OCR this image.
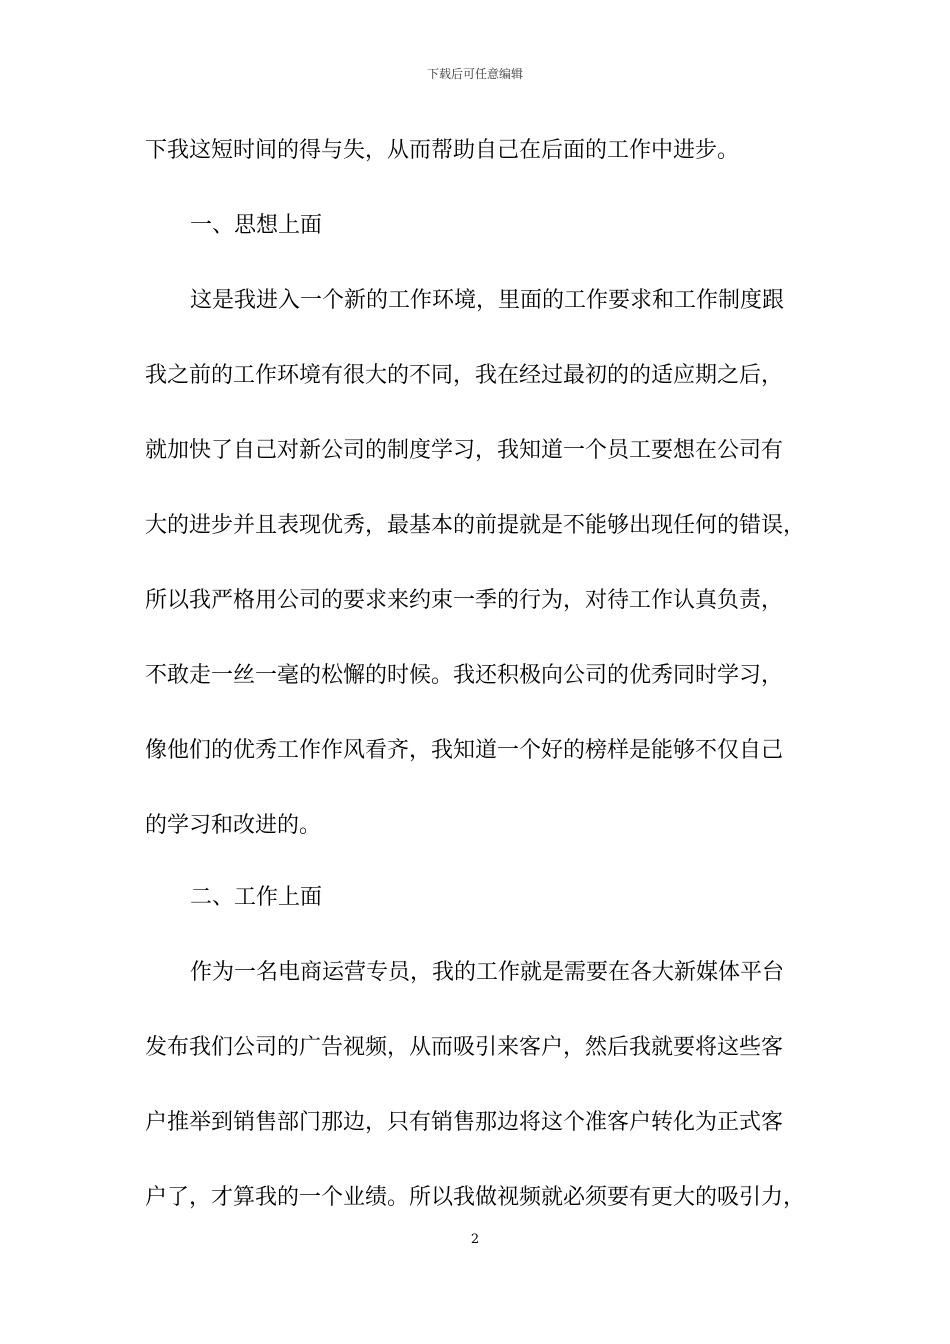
下载后可任意编辑
下我这短时间的得与失，从而帮助自己在后面的工作中进步。
一、思想上面
这是我进入一个新的工作环境，里面的工作要求和工作制度跟
我之前的工作环境有很大的不同，我在经过最初的的适应期之后，
就加快了自己对新公司的制度学习，我知道一个员工要想在公司有
大的进步并且表现优秀，最基本的前提就是不能够出现任何的错误，
所以我严格用公司的要求来约束一季的行为，对待工作认真负责，
不敢走一丝一毫的松懈的时候。我还积极向公司的优秀同时学习，
像他们的优秀工作作风看齐，我知道一个好的榜样是能够不仅自己
的学习和改进的。
二、工作上面
作为一名电商运营专员，我的工作就是需要在各大新媒体平台
发布我们公司的广告视频，从而吸引来客户，然后我就要将这些客
户推举到销售部门那边，只有销售那边将这个准客户转化为正式客
户了，才算我的一个业绩。所以我做视频就必须要有更大的吸引力，
2
